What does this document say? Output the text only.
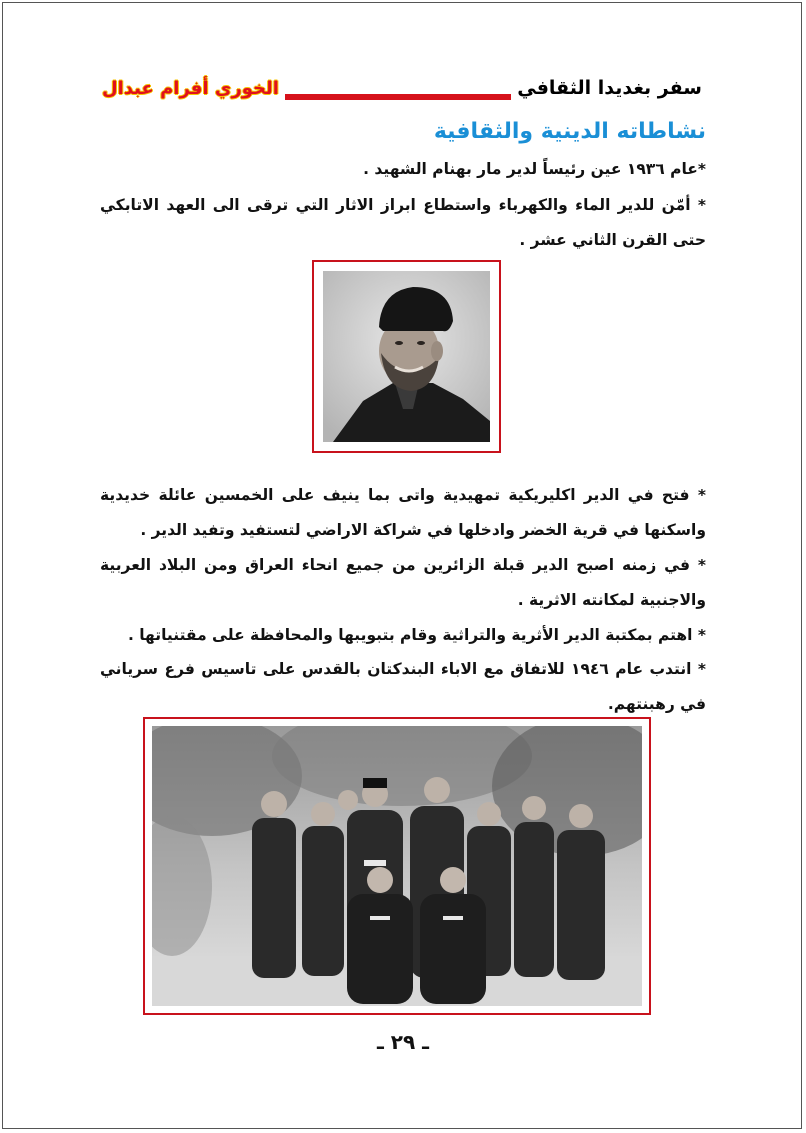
سفر بغديدا الثقافي
الخوري أفرام عبدال
نشاطاته الدينية والثقافية

*عام ١٩٣٦ عين رئيساً لدير مار بهنام الشهيد .

* أمّن للدير الماء والكهرباء واستطاع ابراز الاثار التي ترقى الى العهد الاتابكي حتى القرن الثاني عشر .

* فتح في الدير اكليريكية تمهيدية واتى بما ينيف على الخمسين عائلة خديدية واسكنها في قرية الخضر وادخلها في شراكة الاراضي لتستفيد وتفيد الدير .

* في زمنه اصبح الدير قبلة الزائرين من جميع انحاء العراق ومن البلاد العربية والاجنبية لمكانته الاثرية .

* اهتم بمكتبة الدير الأثرية والتراثية وقام بتبويبها والمحافظة على مقتنياتها .

* انتدب عام ١٩٤٦ للاتفاق مع الاباء البندكتان بالقدس على تاسيس فرع سرياني في رهبنتهم.

ـ ٢٩ ـ
